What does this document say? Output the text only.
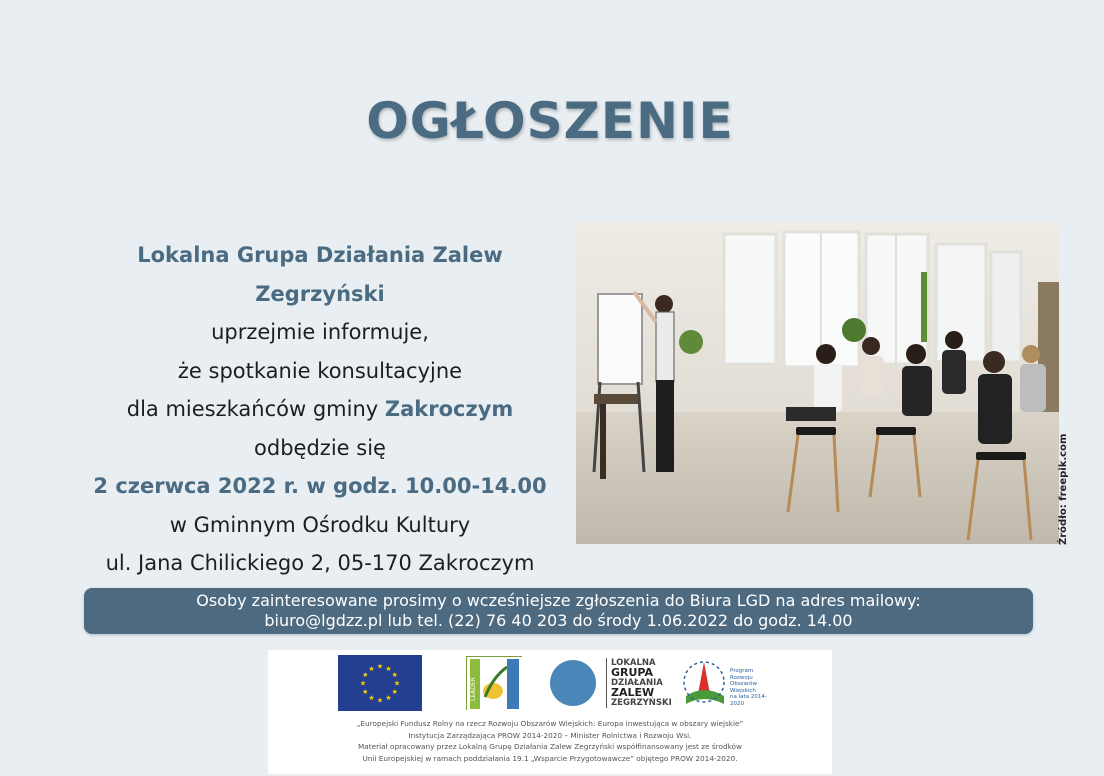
OGŁOSZENIE
Lokalna Grupa Działania Zalew Zegrzyński
uprzejmie informuje,
że spotkanie konsultacyjne
dla mieszkańców gminy Zakroczym
odbędzie się
2 czerwca 2022 r. w godz. 10.00-14.00
w Gminnym Ośrodku Kultury
ul. Jana Chilickiego 2, 05-170 Zakroczym
Źródło: freepik.com
Osoby zainteresowane prosimy o wcześniejsze zgłoszenia do Biura LGD na adres mailowy:
biuro@lgdzz.pl lub tel. (22) 76 40 203 do środy 1.06.2022 do godz. 14.00
★ ★
★
★
★
★
★
★
★
★
★
★
LEADER
LOKALNA
GRUPA
DZIAŁANIA
ZALEW
ZEGRZYŃSKI
Program
Rozwoju
Obszarów
Wiejskich
na lata 2014-2020
„Europejski Fundusz Rolny na rzecz Rozwoju Obszarów Wiejskich: Europa inwestująca w obszary wiejskie”
Instytucja Zarządzająca PROW 2014-2020 – Minister Rolnictwa i Rozwoju Wsi.
Materiał opracowany przez Lokalną Grupę Działania Zalew Zegrzyński współfinansowany jest ze środków
Unii Europejskiej w ramach poddziałania 19.1 „Wsparcie Przygotowawcze” objętego PROW 2014-2020.
